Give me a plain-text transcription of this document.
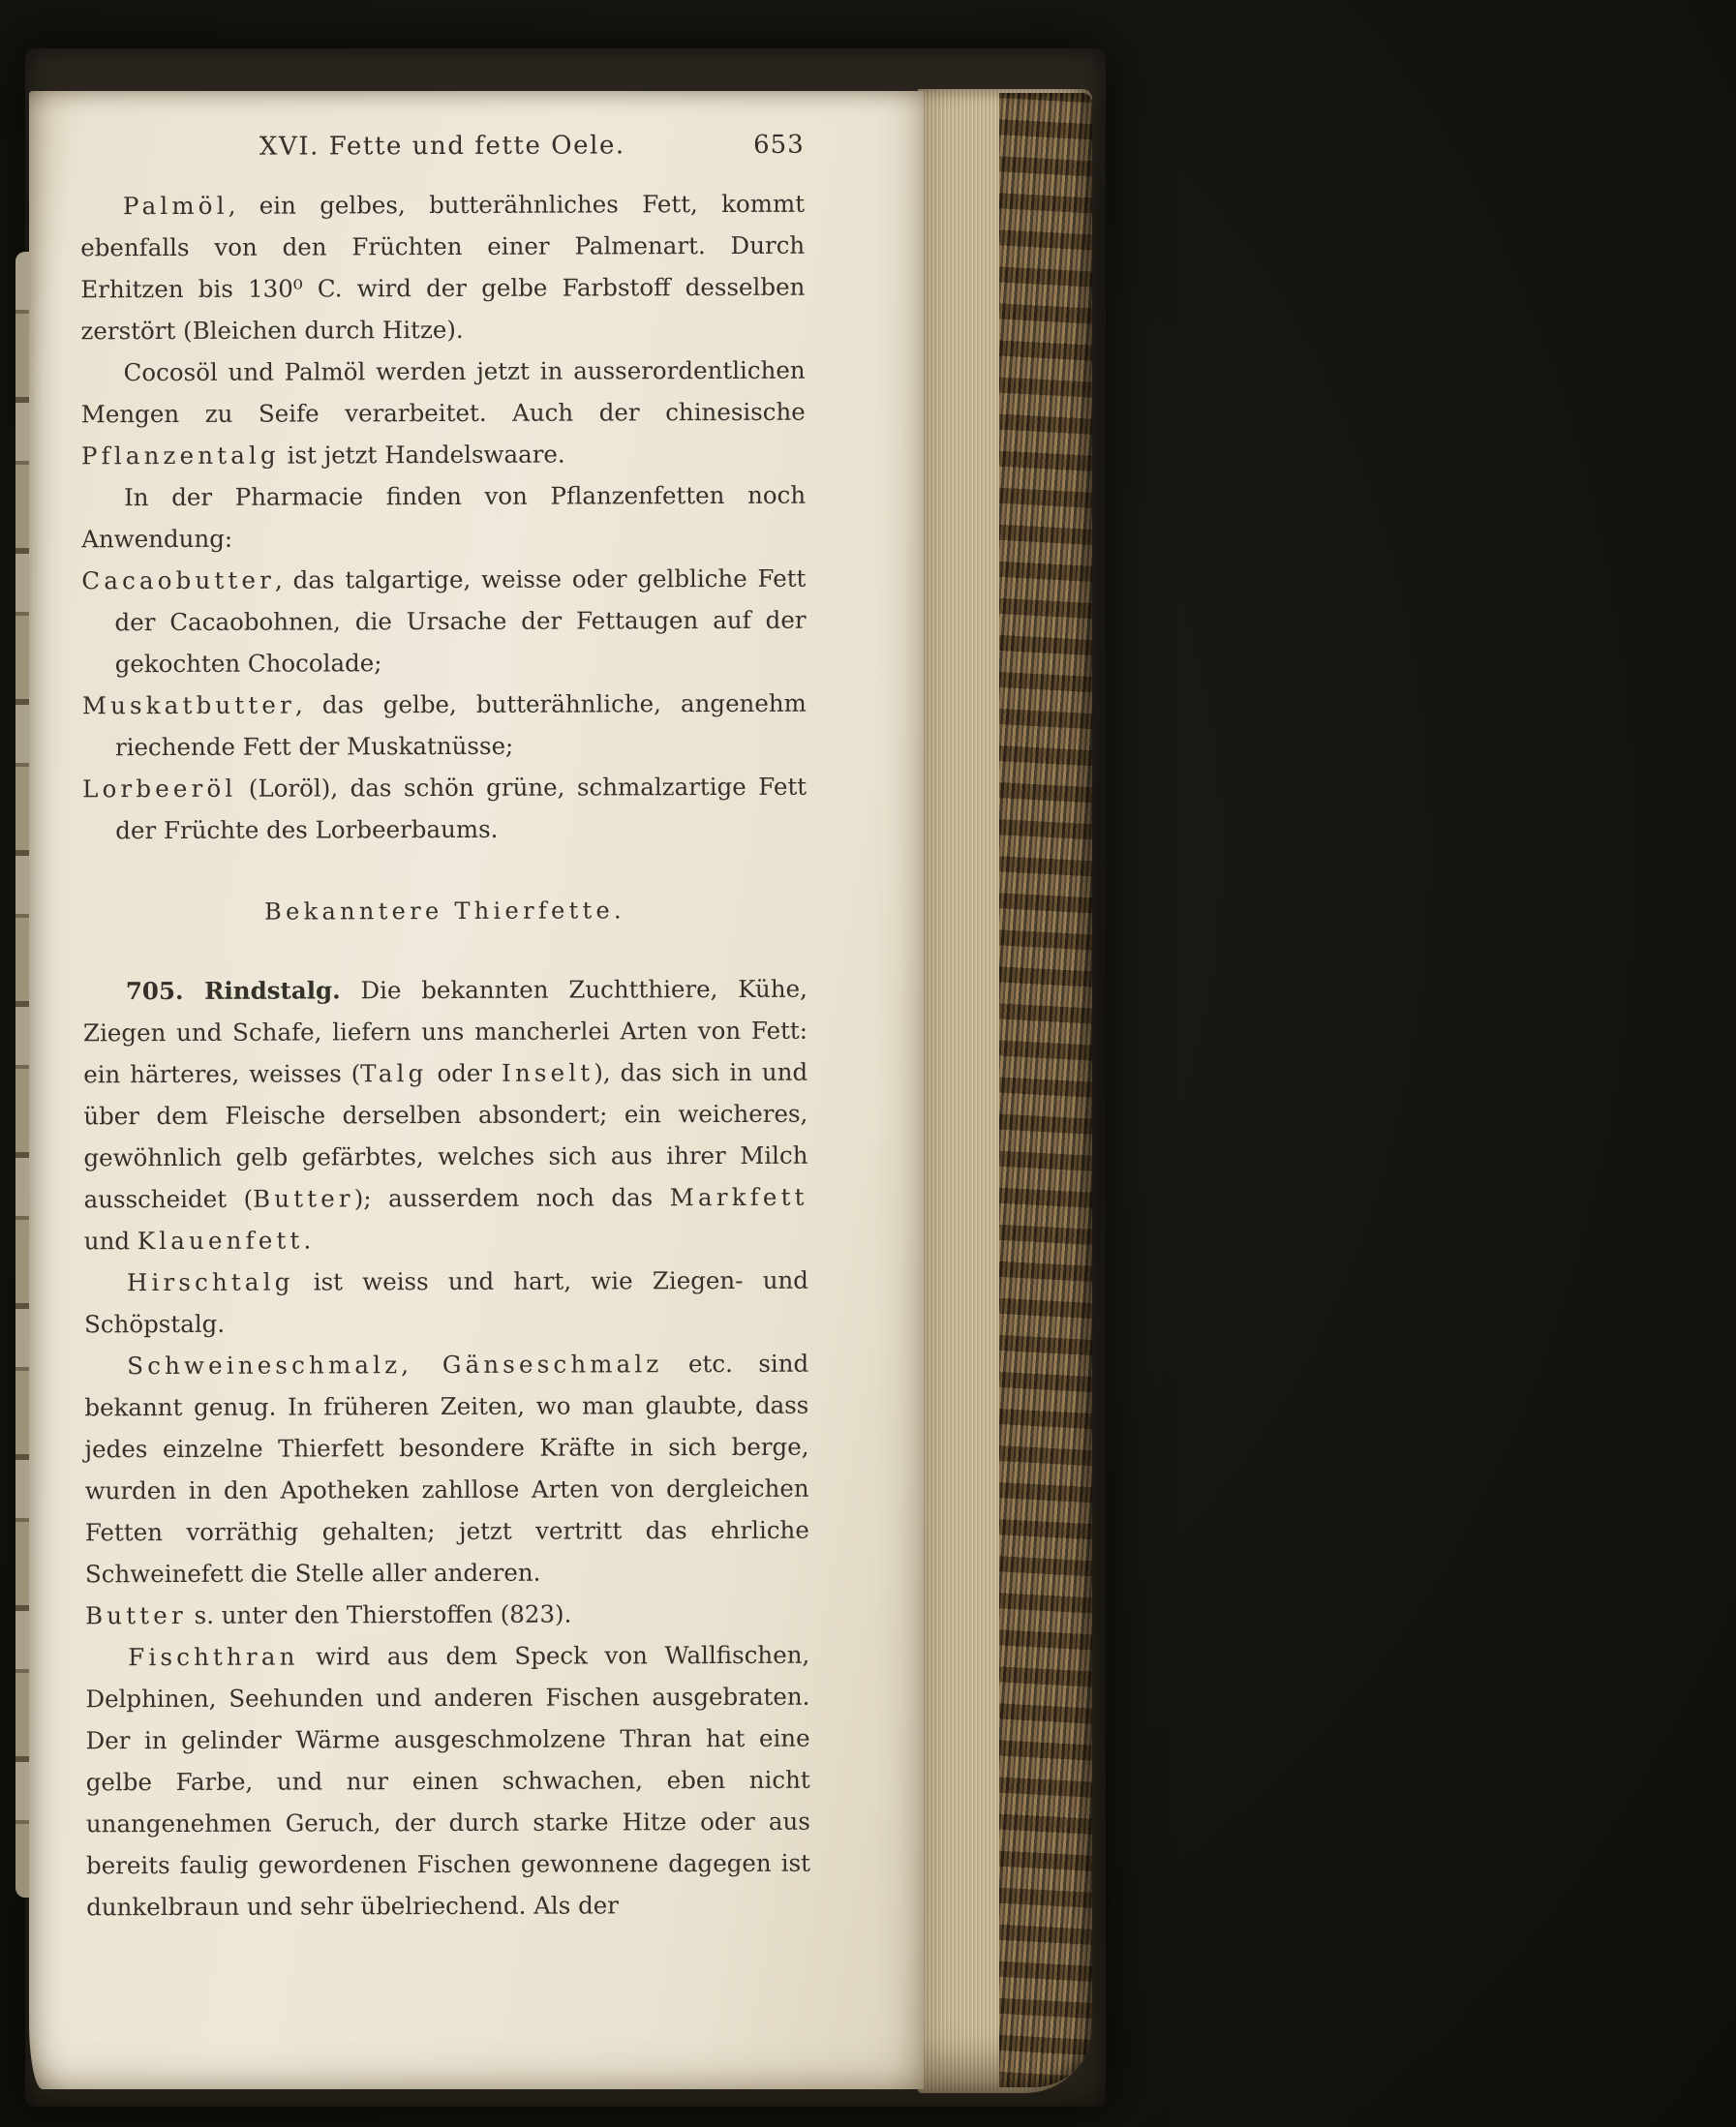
XVI. Fette und fette Oele.	653

Palmöl, ein gelbes, butterähnliches Fett, kommt ebenfalls von den Früchten einer Palmenart. Durch Erhitzen bis 130⁰ C. wird der gelbe Farbstoff desselben zerstört (Bleichen durch Hitze).

Cocosöl und Palmöl werden jetzt in ausserordentlichen Mengen zu Seife verarbeitet. Auch der chinesische Pflanzentalg ist jetzt Handelswaare.

In der Pharmacie finden von Pflanzenfetten noch Anwendung:

Cacaobutter, das talgartige, weisse oder gelbliche Fett der Cacaobohnen, die Ursache der Fettaugen auf der gekochten Chocolade;

Muskatbutter, das gelbe, butterähnliche, angenehm riechende Fett der Muskatnüsse;

Lorbeeröl (Loröl), das schön grüne, schmalzartige Fett der Früchte des Lorbeerbaums.

Bekanntere Thierfette.

705. Rindstalg. Die bekannten Zuchtthiere, Kühe, Ziegen und Schafe, liefern uns mancherlei Arten von Fett: ein härteres, weisses (Talg oder Inselt), das sich in und über dem Fleische derselben absondert; ein weicheres, gewöhnlich gelb gefärbtes, welches sich aus ihrer Milch ausscheidet (Butter); ausserdem noch das Markfett und Klauenfett.

Hirschtalg ist weiss und hart, wie Ziegen- und Schöpstalg.

Schweineschmalz, Gänseschmalz etc. sind bekannt genug. In früheren Zeiten, wo man glaubte, dass jedes einzelne Thierfett besondere Kräfte in sich berge, wurden in den Apotheken zahllose Arten von dergleichen Fetten vorräthig gehalten; jetzt vertritt das ehrliche Schweinefett die Stelle aller anderen.

Butter s. unter den Thierstoffen (823).

Fischthran wird aus dem Speck von Wallfischen, Delphinen, Seehunden und anderen Fischen ausgebraten. Der in gelinder Wärme ausgeschmolzene Thran hat eine gelbe Farbe, und nur einen schwachen, eben nicht unangenehmen Geruch, der durch starke Hitze oder aus bereits faulig gewordenen Fischen gewonnene dagegen ist dunkelbraun und sehr übelriechend. Als der
